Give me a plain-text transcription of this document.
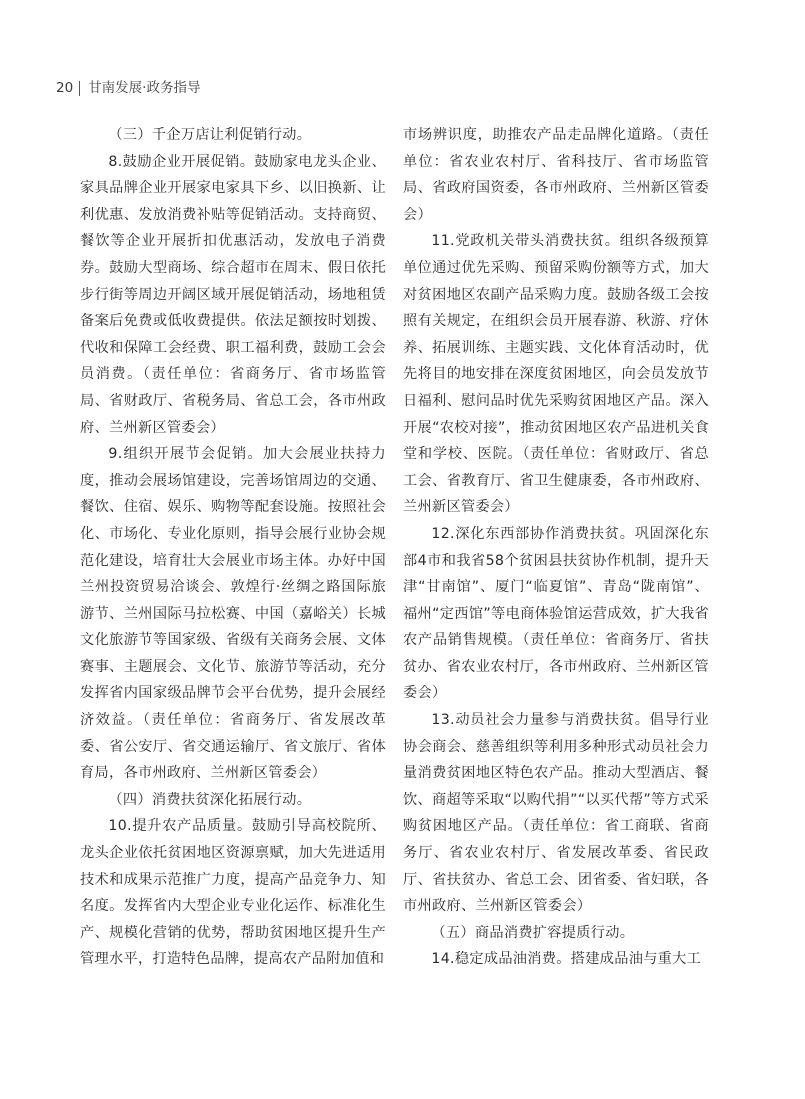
20 甘南发展·政务指导

（三）千企万店让利促销行动。

8.鼓励企业开展促销。鼓励家电龙头企业、家具品牌企业开展家电家具下乡、以旧换新、让利优惠、发放消费补贴等促销活动。支持商贸、餐饮等企业开展折扣优惠活动，发放电子消费券。鼓励大型商场、综合超市在周末、假日依托步行街等周边开阔区域开展促销活动，场地租赁备案后免费或低收费提供。依法足额按时划拨、代收和保障工会经费、职工福利费，鼓励工会会员消费。（责任单位：省商务厅、省市场监管局、省财政厅、省税务局、省总工会，各市州政府、兰州新区管委会）

9.组织开展节会促销。加大会展业扶持力度，推动会展场馆建设，完善场馆周边的交通、餐饮、住宿、娱乐、购物等配套设施。按照社会化、市场化、专业化原则，指导会展行业协会规范化建设，培育壮大会展业市场主体。办好中国兰州投资贸易洽谈会、敦煌行·丝绸之路国际旅游节、兰州国际马拉松赛、中国（嘉峪关）长城文化旅游节等国家级、省级有关商务会展、文体赛事、主题展会、文化节、旅游节等活动，充分发挥省内国家级品牌节会平台优势，提升会展经济效益。（责任单位：省商务厅、省发展改革委、省公安厅、省交通运输厅、省文旅厅、省体育局，各市州政府、兰州新区管委会）

（四）消费扶贫深化拓展行动。

10.提升农产品质量。鼓励引导高校院所、龙头企业依托贫困地区资源禀赋，加大先进适用技术和成果示范推广力度，提高产品竞争力、知名度。发挥省内大型企业专业化运作、标准化生产、规模化营销的优势，帮助贫困地区提升生产管理水平，打造特色品牌，提高农产品附加值和

市场辨识度，助推农产品走品牌化道路。（责任单位：省农业农村厅、省科技厅、省市场监管局、省政府国资委，各市州政府、兰州新区管委会）

11.党政机关带头消费扶贫。组织各级预算单位通过优先采购、预留采购份额等方式，加大对贫困地区农副产品采购力度。鼓励各级工会按照有关规定，在组织会员开展春游、秋游、疗休养、拓展训练、主题实践、文化体育活动时，优先将目的地安排在深度贫困地区，向会员发放节日福利、慰问品时优先采购贫困地区产品。深入开展“农校对接”，推动贫困地区农产品进机关食堂和学校、医院。（责任单位：省财政厅、省总工会、省教育厅、省卫生健康委，各市州政府、兰州新区管委会）

12.深化东西部协作消费扶贫。巩固深化东部4市和我省58个贫困县扶贫协作机制，提升天津“甘南馆”、厦门“临夏馆”、青岛“陇南馆”、福州“定西馆”等电商体验馆运营成效，扩大我省农产品销售规模。（责任单位：省商务厅、省扶贫办、省农业农村厅，各市州政府、兰州新区管委会）

13.动员社会力量参与消费扶贫。倡导行业协会商会、慈善组织等利用多种形式动员社会力量消费贫困地区特色农产品。推动大型酒店、餐饮、商超等采取“以购代捐”“以买代帮”等方式采购贫困地区产品。（责任单位：省工商联、省商务厅、省农业农村厅、省发展改革委、省民政厅、省扶贫办、省总工会、团省委、省妇联，各市州政府、兰州新区管委会）

（五）商品消费扩容提质行动。

14.稳定成品油消费。搭建成品油与重大工
